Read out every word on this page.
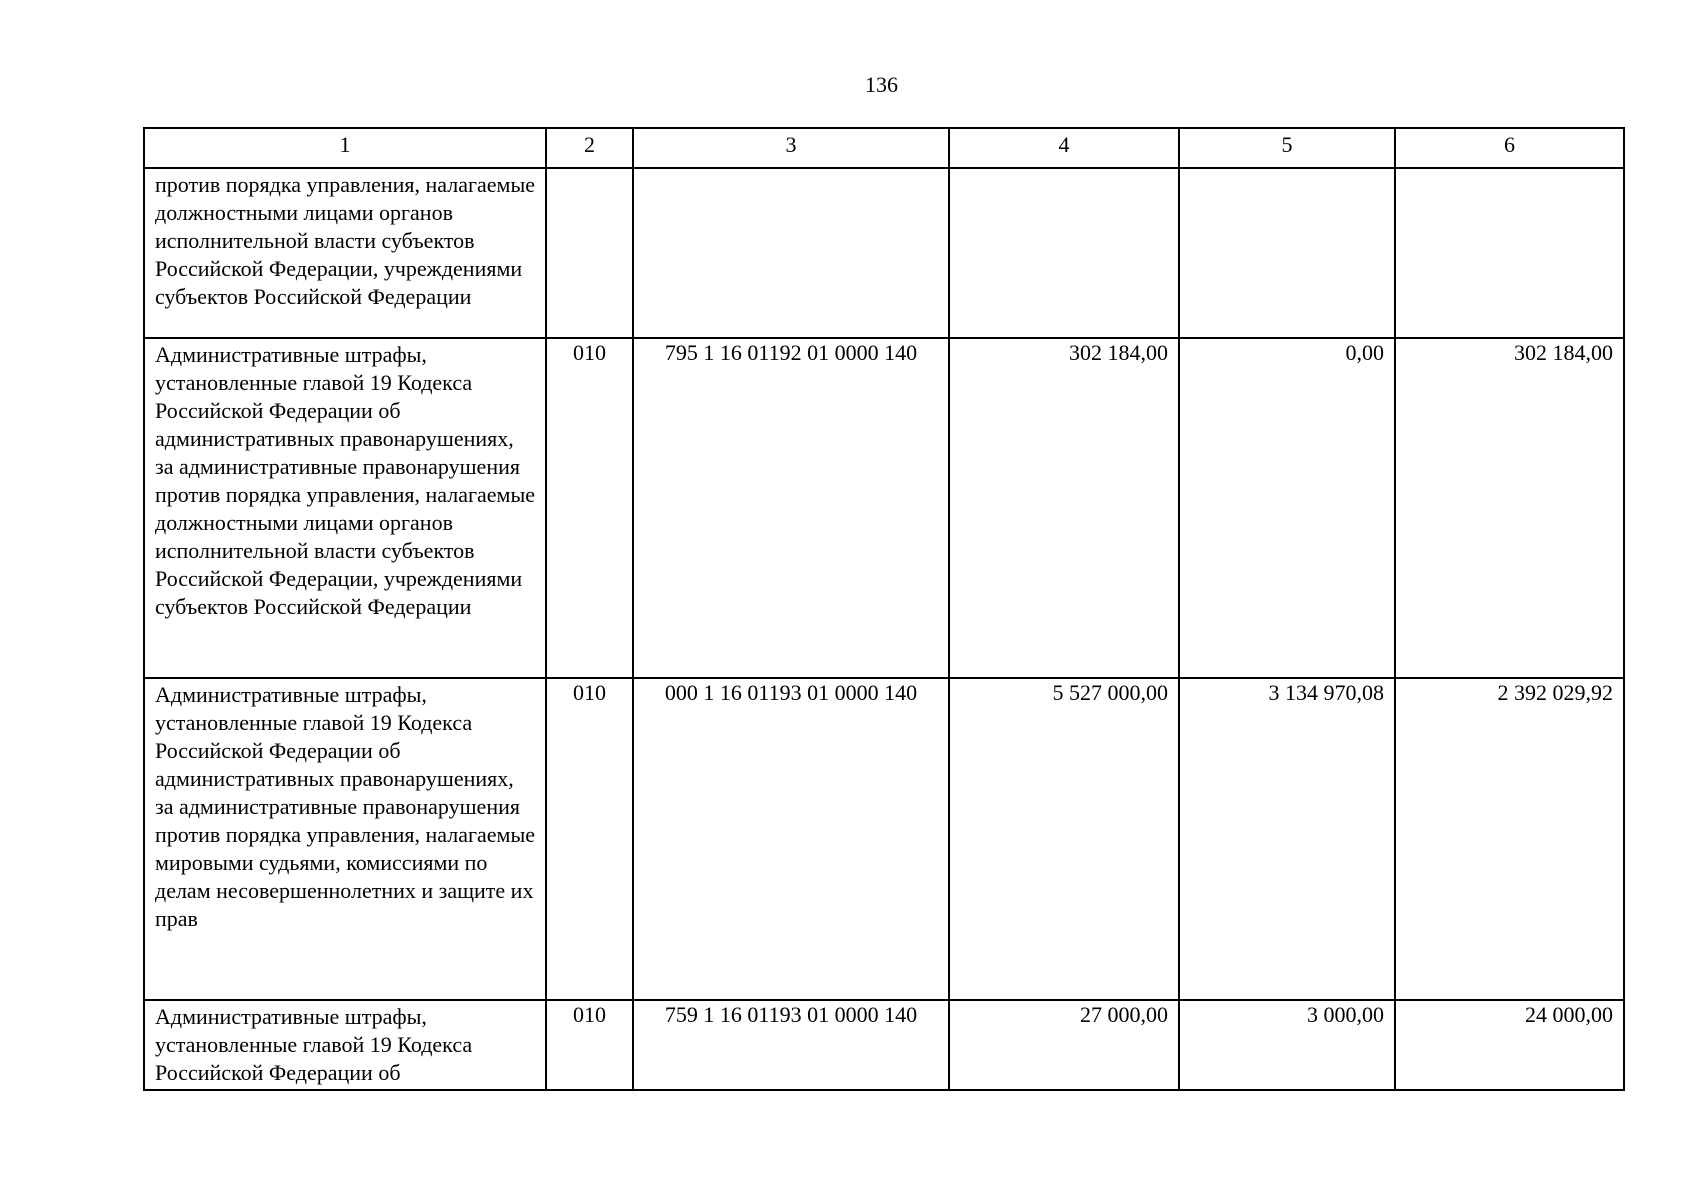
136
1	2	3	4	5	6

против порядка управления, налагаемые должностными лицами органов исполнительной власти субъектов Российской Федерации, учреждениями субъектов Российской Федерации					

Административные штрафы, установленные главой 19 Кодекса Российской Федерации об административных правонарушениях, за административные правонарушения против порядка управления, налагаемые должностными лицами органов исполнительной власти субъектов Российской Федерации, учреждениями субъектов Российской Федерации	010	795 1 16 01192 01 0000 140	302 184,00	0,00	302 184,00

Административные штрафы, установленные главой 19 Кодекса Российской Федерации об административных правонарушениях, за административные правонарушения против порядка управления, налагаемые мировыми судьями, комиссиями по делам несовершеннолетних и защите их прав	010	000 1 16 01193 01 0000 140	5 527 000,00	3 134 970,08	2 392 029,92

Административные штрафы, установленные главой 19 Кодекса Российской Федерации об	010	759 1 16 01193 01 0000 140	27 000,00	3 000,00	24 000,00
